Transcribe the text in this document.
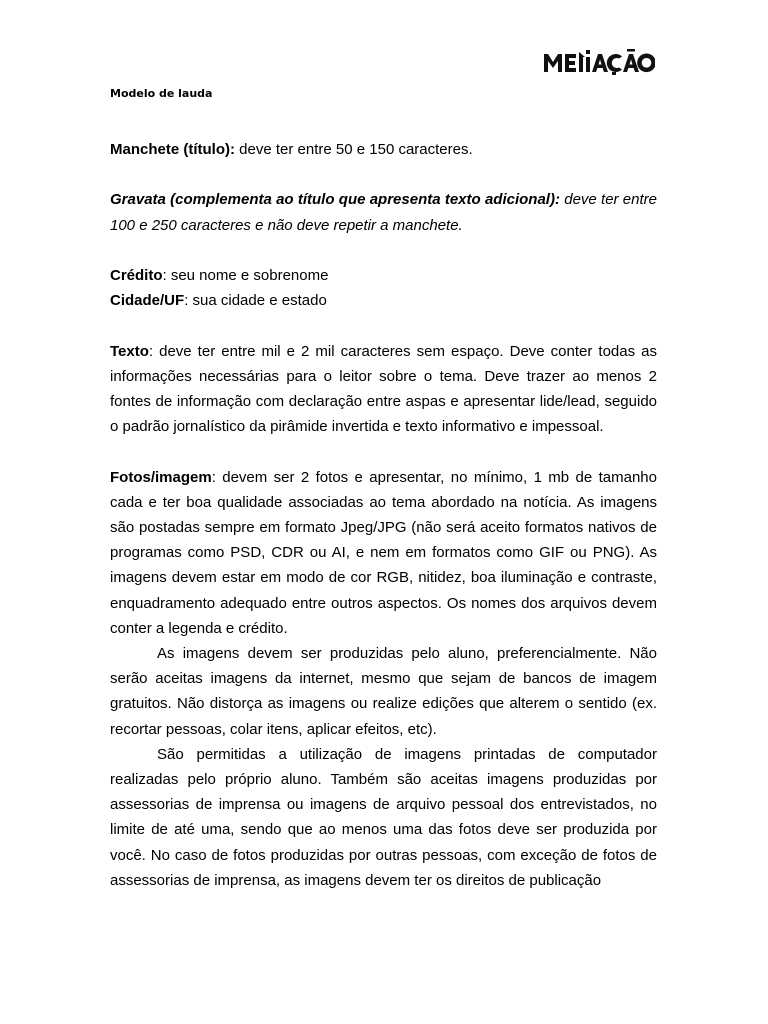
Modelo de lauda

Manchete (título): deve ter entre 50 e 150 caracteres.

Gravata (complementa ao título que apresenta texto adicional): deve ter entre 100 e 250 caracteres e não deve repetir a manchete.

Crédito: seu nome e sobrenome

Cidade/UF: sua cidade e estado

Texto: deve ter entre mil e 2 mil caracteres sem espaço. Deve conter todas as informações necessárias para o leitor sobre o tema. Deve trazer ao menos 2 fontes de informação com declaração entre aspas e apresentar lide/lead, seguido o padrão jornalístico da pirâmide invertida e texto informativo e impessoal.

Fotos/imagem: devem ser 2 fotos e apresentar, no mínimo, 1 mb de tamanho cada e ter boa qualidade associadas ao tema abordado na notícia. As imagens são postadas sempre em formato Jpeg/JPG (não será aceito formatos nativos de programas como PSD, CDR ou AI, e nem em formatos como GIF ou PNG). As imagens devem estar em modo de cor RGB, nitidez, boa iluminação e contraste, enquadramento adequado entre outros aspectos. Os nomes dos arquivos devem conter a legenda e crédito.

As imagens devem ser produzidas pelo aluno, preferencialmente. Não serão aceitas imagens da internet, mesmo que sejam de bancos de imagem gratuitos. Não distorça as imagens ou realize edições que alterem o sentido (ex. recortar pessoas, colar itens, aplicar efeitos, etc).

São permitidas a utilização de imagens printadas de computador realizadas pelo próprio aluno. Também são aceitas imagens produzidas por assessorias de imprensa ou imagens de arquivo pessoal dos entrevistados, no limite de até uma, sendo que ao menos uma das fotos deve ser produzida por você. No caso de fotos produzidas por outras pessoas, com exceção de fotos de assessorias de imprensa, as imagens devem ter os direitos de publicação
